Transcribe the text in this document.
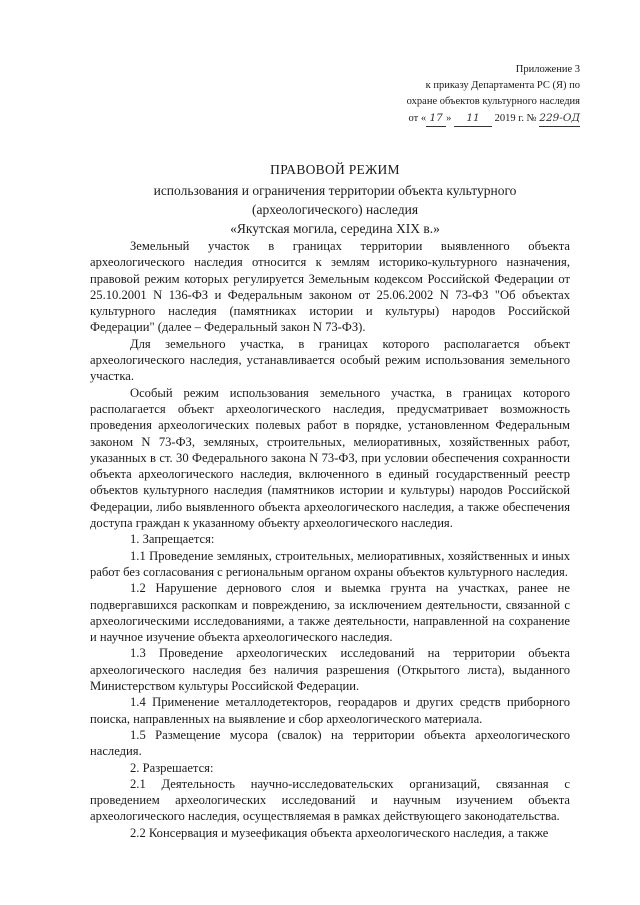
Приложение 3
к приказу Департамента РС (Я) по
охране объектов культурного наследия
от « 17 » 11 2019 г. № 229-ОД
ПРАВОВОЙ РЕЖИМ
использования и ограничения территории объекта культурного
(археологического) наследия
«Якутская могила, середина XIX в.»

Земельный участок в границах территории выявленного объекта археологического наследия относится к землям историко-культурного назначения, правовой режим которых регулируется Земельным кодексом Российской Федерации от 25.10.2001 N 136-ФЗ и Федеральным законом от 25.06.2002 N 73-ФЗ "Об объектах культурного наследия (памятниках истории и культуры) народов Российской Федерации" (далее – Федеральный закон N 73-ФЗ).

Для земельного участка, в границах которого располагается объект археологического наследия, устанавливается особый режим использования земельного участка.

Особый режим использования земельного участка, в границах которого располагается объект археологического наследия, предусматривает возможность проведения археологических полевых работ в порядке, установленном Федеральным законом N 73-ФЗ, земляных, строительных, мелиоративных, хозяйственных работ, указанных в ст. 30 Федерального закона N 73-ФЗ, при условии обеспечения сохранности объекта археологического наследия, включенного в единый государственный реестр объектов культурного наследия (памятников истории и культуры) народов Российской Федерации, либо выявленного объекта археологического наследия, а также обеспечения доступа граждан к указанному объекту археологического наследия.

1. Запрещается:

1.1 Проведение земляных, строительных, мелиоративных, хозяйственных и иных работ без согласования с региональным органом охраны объектов культурного наследия.

1.2 Нарушение дернового слоя и выемка грунта на участках, ранее не подвергавшихся раскопкам и повреждению, за исключением деятельности, связанной с археологическими исследованиями, а также деятельности, направленной на сохранение и научное изучение объекта археологического наследия.

1.3 Проведение археологических исследований на территории объекта археологического наследия без наличия разрешения (Открытого листа), выданного Министерством культуры Российской Федерации.

1.4 Применение металлодетекторов, георадаров и других средств приборного поиска, направленных на выявление и сбор археологического материала.

1.5 Размещение мусора (свалок) на территории объекта археологического наследия.

2. Разрешается:

2.1 Деятельность научно-исследовательских организаций, связанная с проведением археологических исследований и научным изучением объекта археологического наследия, осуществляемая в рамках действующего законодательства.

2.2 Консервация и музеефикация объекта археологического наследия, а также
